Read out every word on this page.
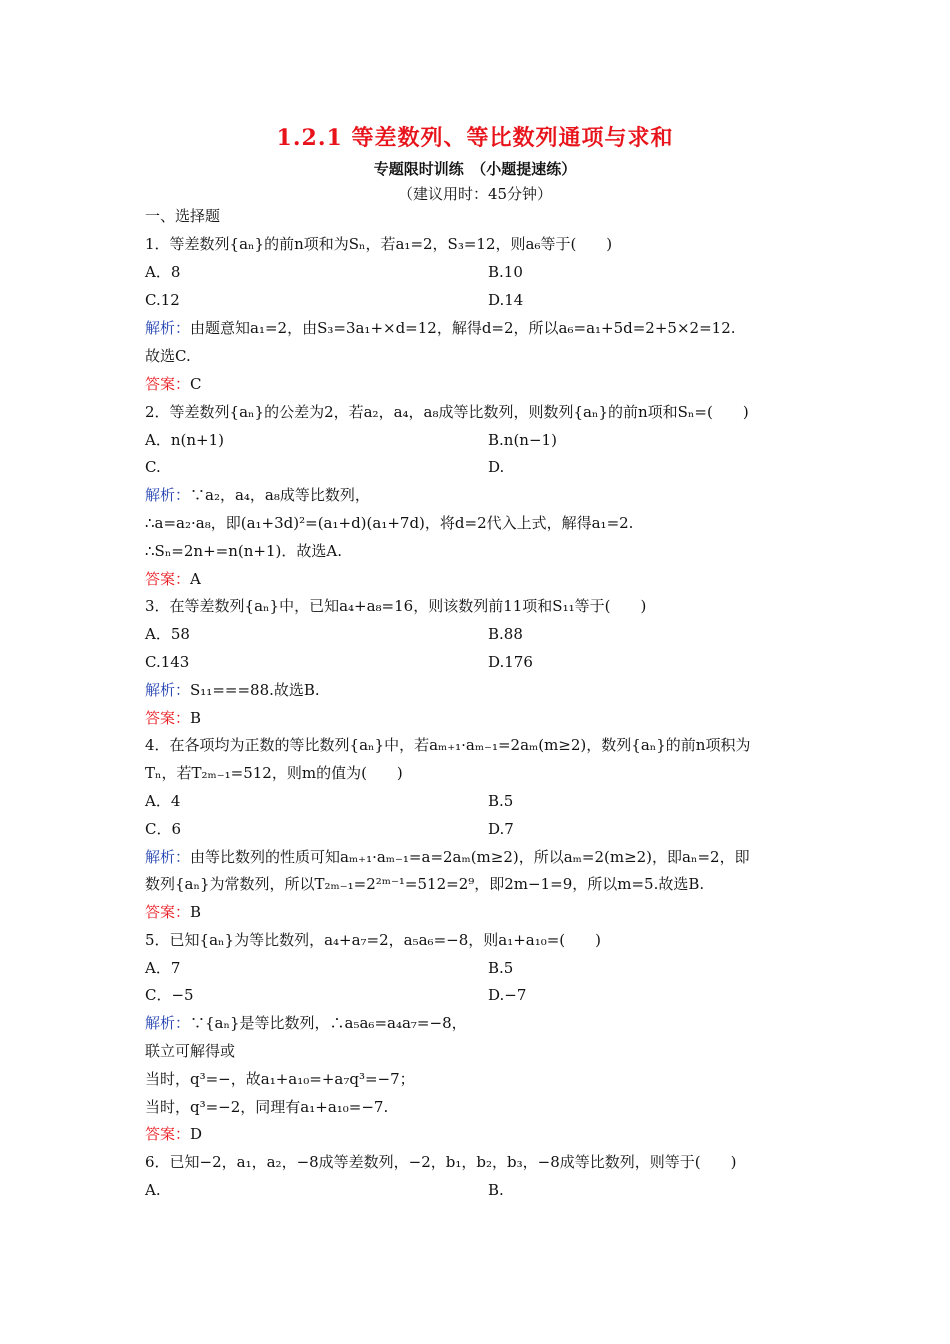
1.2.1 等差数列、等比数列通项与求和
专题限时训练　（小题提速练）
（建议用时：45分钟）
一、选择题
1．等差数列{aₙ}的前n项和为Sₙ，若a₁=2，S₃=12，则a₆等于(　　)
A．8	B.10
C.12	D.14
解析：由题意知a₁=2，由S₃=3a₁+×d=12，解得d=2，所以a₆=a₁+5d=2+5×2=12.
故选C.
答案：C
2．等差数列{aₙ}的公差为2，若a₂，a₄，a₈成等比数列，则数列{aₙ}的前n项和Sₙ=(　　)
A．n(n+1)	B.n(n−1)
C.	D.
解析：∵a₂，a₄，a₈成等比数列，
∴a=a₂·a₈，即(a₁+3d)²=(a₁+d)(a₁+7d)，将d=2代入上式，解得a₁=2.
∴Sₙ=2n+=n(n+1)．故选A.
答案：A
3．在等差数列{aₙ}中，已知a₄+a₈=16，则该数列前11项和S₁₁等于(　　)
A．58	B.88
C.143	D.176
解析：S₁₁===88.故选B.
答案：B
4．在各项均为正数的等比数列{aₙ}中，若aₘ₊₁·aₘ₋₁=2aₘ(m≥2)，数列{aₙ}的前n项积为
Tₙ，若T₂ₘ₋₁=512，则m的值为(　　)
A．4	B.5
C．6	D.7
解析：由等比数列的性质可知aₘ₊₁·aₘ₋₁=a=2aₘ(m≥2)，所以aₘ=2(m≥2)，即aₙ=2，即
数列{aₙ}为常数列，所以T₂ₘ₋₁=2²ᵐ⁻¹=512=2⁹，即2m−1=9，所以m=5.故选B.
答案：B
5．已知{aₙ}为等比数列，a₄+a₇=2，a₅a₆=−8，则a₁+a₁₀=(　　)
A．7	B.5
C．−5	D.−7
解析：∵{aₙ}是等比数列，∴a₅a₆=a₄a₇=−8，
联立可解得或
当时，q³=−，故a₁+a₁₀=+a₇q³=−7；
当时，q³=−2，同理有a₁+a₁₀=−7.
答案：D
6．已知−2，a₁，a₂，−8成等差数列，−2，b₁，b₂，b₃，−8成等比数列，则等于(　　)
A.	B.
